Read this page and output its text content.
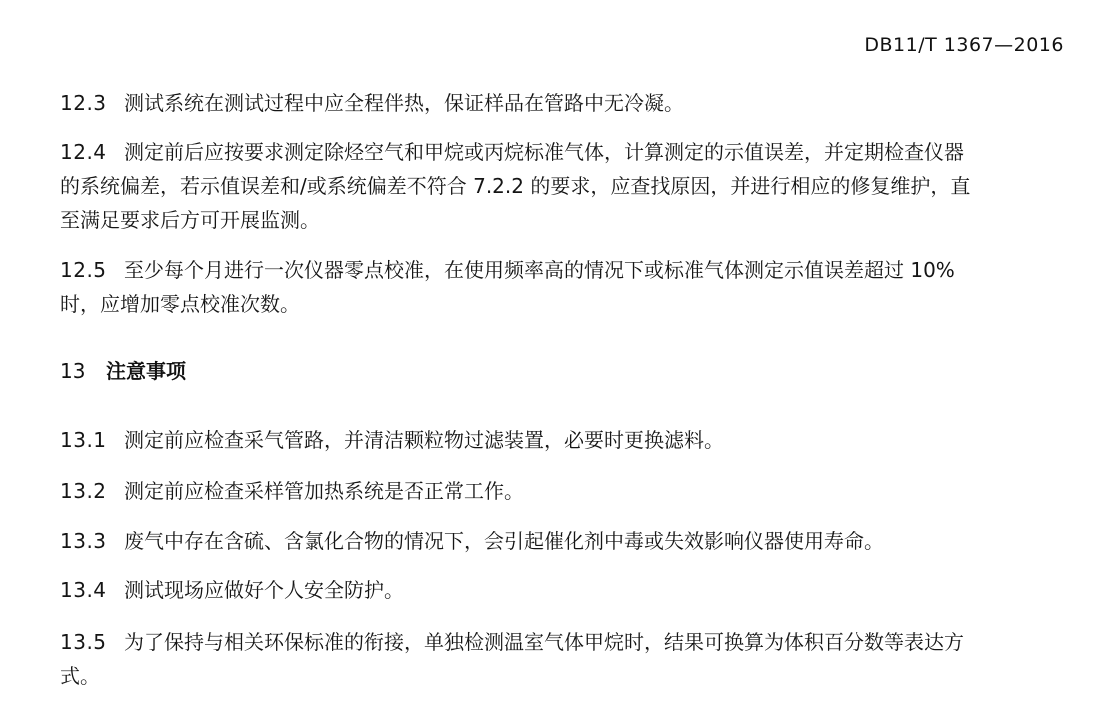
DB11/T 1367—2016
12.3 测试系统在测试过程中应全程伴热，保证样品在管路中无冷凝。
12.4 测定前后应按要求测定除烃空气和甲烷或丙烷标准气体，计算测定的示值误差，并定期检查仪器
的系统偏差，若示值误差和/或系统偏差不符合 7.2.2 的要求，应查找原因，并进行相应的修复维护，直
至满足要求后方可开展监测。
12.5 至少每个月进行一次仪器零点校准，在使用频率高的情况下或标准气体测定示值误差超过 10%
时，应增加零点校准次数。
13 注意事项
13.1 测定前应检查采气管路，并清洁颗粒物过滤装置，必要时更换滤料。
13.2 测定前应检查采样管加热系统是否正常工作。
13.3 废气中存在含硫、含氯化合物的情况下，会引起催化剂中毒或失效影响仪器使用寿命。
13.4 测试现场应做好个人安全防护。
13.5 为了保持与相关环保标准的衔接，单独检测温室气体甲烷时，结果可换算为体积百分数等表达方
式。
